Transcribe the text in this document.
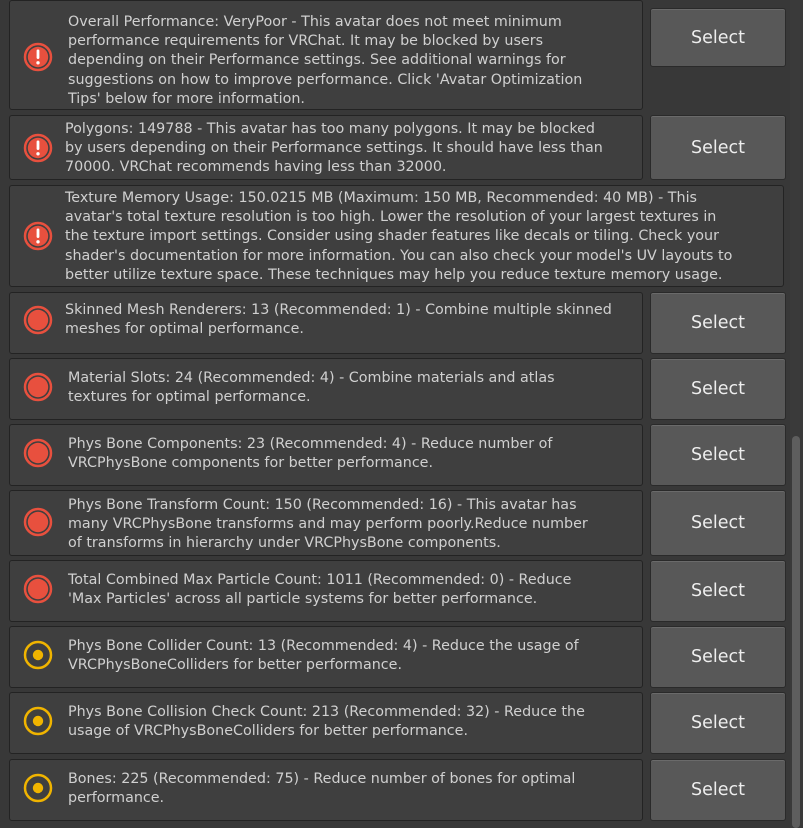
Overall Performance: VeryPoor - This avatar does not meet minimum
performance requirements for VRChat. It may be blocked by users
depending on their Performance settings. See additional warnings for
suggestions on how to improve performance. Click 'Avatar Optimization
Tips' below for more information.
Select
Polygons: 149788 - This avatar has too many polygons. It may be blocked
by users depending on their Performance settings. It should have less than
70000. VRChat recommends having less than 32000.
Select
Texture Memory Usage: 150.0215 MB (Maximum: 150 MB, Recommended: 40 MB) - This
avatar's total texture resolution is too high. Lower the resolution of your largest textures in
the texture import settings. Consider using shader features like decals or tiling. Check your
shader's documentation for more information. You can also check your model's UV layouts to
better utilize texture space. These techniques may help you reduce texture memory usage.
Skinned Mesh Renderers: 13 (Recommended: 1) - Combine multiple skinned
meshes for optimal performance.	Select
Material Slots: 24 (Recommended: 4) - Combine materials and atlas
textures for optimal performance.	Select
Phys Bone Components: 23 (Recommended: 4) - Reduce number of
VRCPhysBone components for better performance.	Select
Phys Bone Transform Count: 150 (Recommended: 16) - This avatar has
many VRCPhysBone transforms and may perform poorly.Reduce number
of transforms in hierarchy under VRCPhysBone components.
Select
Total Combined Max Particle Count: 1011 (Recommended: 0) - Reduce
'Max Particles' across all particle systems for better performance.	Select
Phys Bone Collider Count: 13 (Recommended: 4) - Reduce the usage of
VRCPhysBoneColliders for better performance.	Select
Phys Bone Collision Check Count: 213 (Recommended: 32) - Reduce the
usage of VRCPhysBoneColliders for better performance.	Select
Bones: 225 (Recommended: 75) - Reduce number of bones for optimal
performance.	Select
